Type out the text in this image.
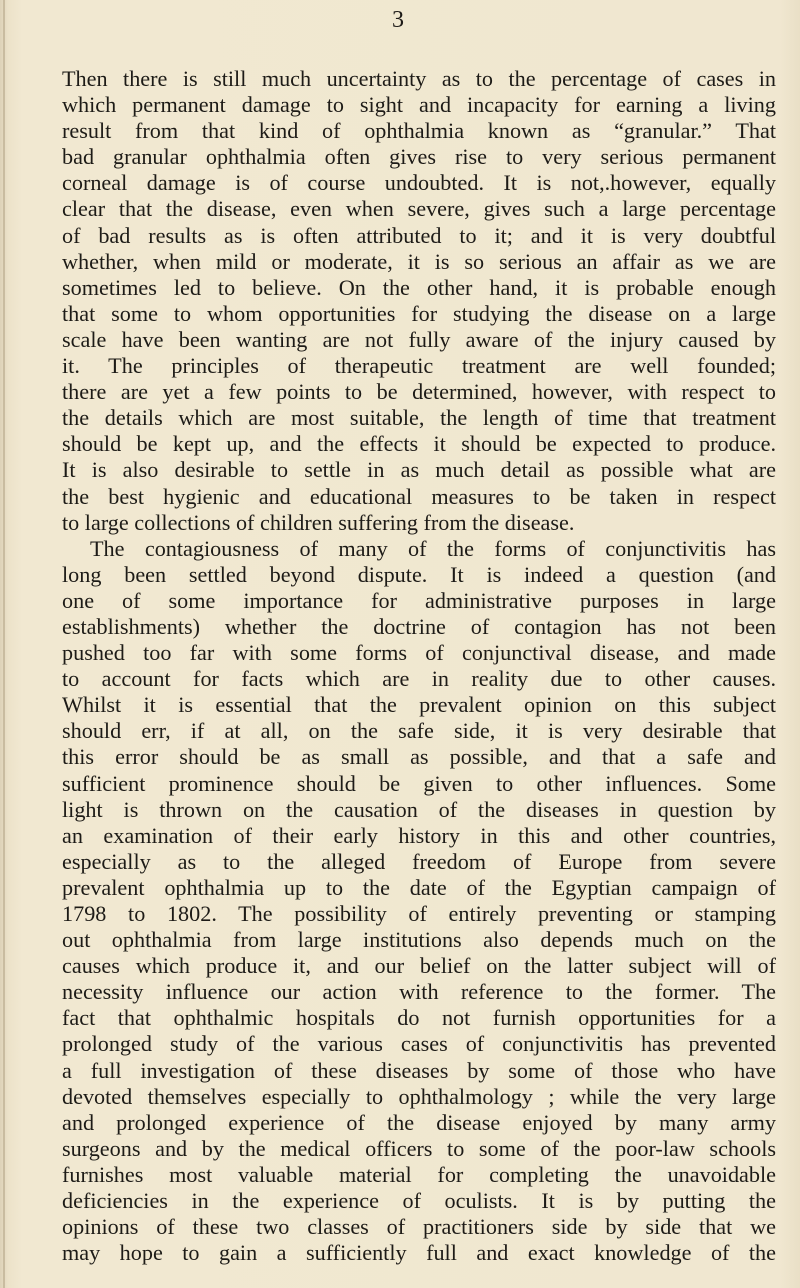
3
Then there is still much uncertainty as to the percentage of cases in
which permanent damage to sight and incapacity for earning a living
result from that kind of ophthalmia known as “granular.” That
bad granular ophthalmia often gives rise to very serious permanent
corneal damage is of course undoubted. It is not,.however, equally
clear that the disease, even when severe, gives such a large percentage
of bad results as is often attributed to it; and it is very doubtful
whether, when mild or moderate, it is so serious an affair as we are
sometimes led to believe. On the other hand, it is probable enough
that some to whom opportunities for studying the disease on a large
scale have been wanting are not fully aware of the injury caused by
it. The principles of therapeutic treatment are well founded;
there are yet a few points to be determined, however, with respect to
the details which are most suitable, the length of time that treatment
should be kept up, and the effects it should be expected to produce.
It is also desirable to settle in as much detail as possible what are
the best hygienic and educational measures to be taken in respect
to large collections of children suffering from the disease.
The contagiousness of many of the forms of conjunctivitis has
long been settled beyond dispute. It is indeed a question (and
one of some importance for administrative purposes in large
establishments) whether the doctrine of contagion has not been
pushed too far with some forms of conjunctival disease, and made
to account for facts which are in reality due to other causes.
Whilst it is essential that the prevalent opinion on this subject
should err, if at all, on the safe side, it is very desirable that
this error should be as small as possible, and that a safe and
sufficient prominence should be given to other influences. Some
light is thrown on the causation of the diseases in question by
an examination of their early history in this and other countries,
especially as to the alleged freedom of Europe from severe
prevalent ophthalmia up to the date of the Egyptian campaign of
1798 to 1802. The possibility of entirely preventing or stamping
out ophthalmia from large institutions also depends much on the
causes which produce it, and our belief on the latter subject will of
necessity influence our action with reference to the former. The
fact that ophthalmic hospitals do not furnish opportunities for a
prolonged study of the various cases of conjunctivitis has prevented
a full investigation of these diseases by some of those who have
devoted themselves especially to ophthalmology ; while the very large
and prolonged experience of the disease enjoyed by many army
surgeons and by the medical officers to some of the poor-law schools
furnishes most valuable material for completing the unavoidable
deficiencies in the experience of oculists. It is by putting the
opinions of these two classes of practitioners side by side that we
may hope to gain a sufficiently full and exact knowledge of the
